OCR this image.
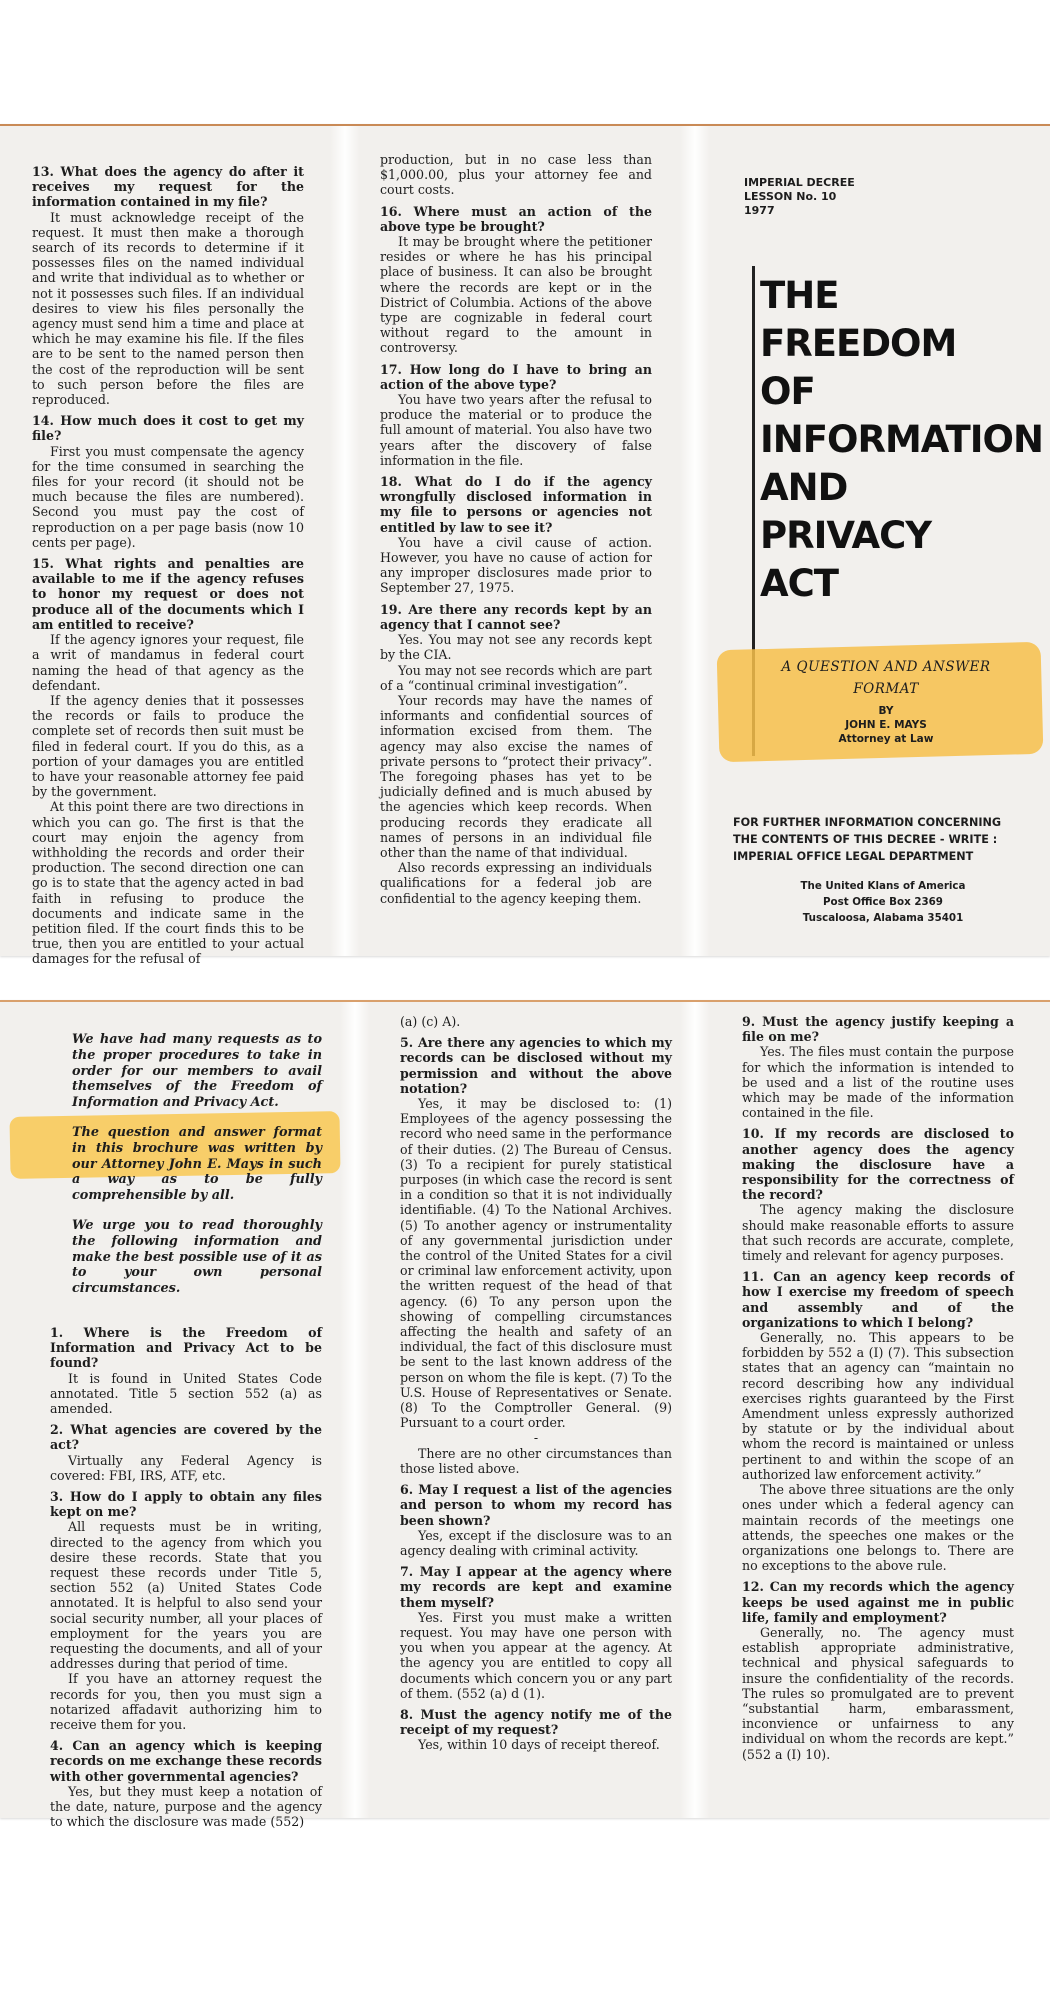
13. What does the agency do after it receives my request for the information contained in my file?

It must acknowledge receipt of the request. It must then make a thorough search of its records to determine if it possesses files on the named individual and write that individual as to whether or not it possesses such files. If an individual desires to view his files personally the agency must send him a time and place at which he may examine his file. If the files are to be sent to the named person then the cost of the reproduction will be sent to such person before the files are reproduced.

14. How much does it cost to get my file?

First you must compensate the agency for the time consumed in searching the files for your record (it should not be much because the files are numbered). Second you must pay the cost of reproduction on a per page basis (now 10 cents per page).

15. What rights and penalties are available to me if the agency refuses to honor my request or does not produce all of the documents which I am entitled to receive?

If the agency ignores your request, file a writ of mandamus in federal court naming the head of that agency as the defendant.

If the agency denies that it possesses the records or fails to produce the complete set of records then suit must be filed in federal court. If you do this, as a portion of your damages you are entitled to have your reasonable attorney fee paid by the government.

At this point there are two directions in which you can go. The first is that the court may enjoin the agency from withholding the records and order their production. The second direction one can go is to state that the agency acted in bad faith in refusing to produce the documents and indicate same in the petition filed. If the court finds this to be true, then you are entitled to your actual damages for the refusal of

production, but in no case less than $1,000.00, plus your attorney fee and court costs.

16. Where must an action of the above type be brought?

It may be brought where the petitioner resides or where he has his principal place of business. It can also be brought where the records are kept or in the District of Columbia. Actions of the above type are cognizable in federal court without regard to the amount in controversy.

17. How long do I have to bring an action of the above type?

You have two years after the refusal to produce the material or to produce the full amount of material. You also have two years after the discovery of false information in the file.

18. What do I do if the agency wrongfully disclosed information in my file to persons or agencies not entitled by law to see it?

You have a civil cause of action. However, you have no cause of action for any improper disclosures made prior to September 27, 1975.

19. Are there any records kept by an agency that I cannot see?

Yes. You may not see any records kept by the CIA.

You may not see records which are part of a “continual criminal investigation”.

Your records may have the names of informants and confidential sources of information excised from them. The agency may also excise the names of private persons to “protect their privacy”. The foregoing phases has yet to be judicially defined and is much abused by the agencies which keep records. When producing records they eradicate all names of persons in an individual file other than the name of that individual.

Also records expressing an individuals qualifications for a federal job are confidential to the agency keeping them.

IMPERIAL DECREE
LESSON No. 10
1977
THE
FREEDOM
OF
INFORMATION
AND
PRIVACY
ACT
A QUESTION AND ANSWER
FORMAT
BY
JOHN E. MAYS
Attorney at Law
FOR FURTHER INFORMATION CONCERNING
THE CONTENTS OF THIS DECREE - WRITE :
IMPERIAL OFFICE LEGAL DEPARTMENT
The United Klans of America
Post Office Box 2369
Tuscaloosa, Alabama 35401

We have had many requests as to the proper procedures to take in order for our members to avail themselves of the Freedom of Information and Privacy Act.

The question and answer format in this brochure was written by our Attorney John E. Mays in such a way as to be fully comprehensible by all.

We urge you to read thoroughly the following information and make the best possible use of it as to your own personal circumstances.

1. Where is the Freedom of Information and Privacy Act to be found?

It is found in United States Code annotated. Title 5 section 552 (a) as amended.

2. What agencies are covered by the act?

Virtually any Federal Agency is covered: FBI, IRS, ATF, etc.

3. How do I apply to obtain any files kept on me?

All requests must be in writing, directed to the agency from which you desire these records. State that you request these records under Title 5, section 552 (a) United States Code annotated. It is helpful to also send your social security number, all your places of employment for the years you are requesting the documents, and all of your addresses during that period of time.

If you have an attorney request the records for you, then you must sign a notarized affadavit authorizing him to receive them for you.

4. Can an agency which is keeping records on me exchange these records with other governmental agencies?

Yes, but they must keep a notation of the date, nature, purpose and the agency to which the disclosure was made (552)

(a) (c) A).

5. Are there any agencies to which my records can be disclosed without my permission and without the above notation?

Yes, it may be disclosed to: (1) Employees of the agency possessing the record who need same in the performance of their duties. (2) The Bureau of Census. (3) To a recipient for purely statistical purposes (in which case the record is sent in a condition so that it is not individually identifiable. (4) To the National Archives. (5) To another agency or instrumentality of any governmental jurisdiction under the control of the United States for a civil or criminal law enforcement activity, upon the written request of the head of that agency. (6) To any person upon the showing of compelling circumstances affecting the health and safety of an individual, the fact of this disclosure must be sent to the last known address of the person on whom the file is kept. (7) To the U.S. House of Representatives or Senate. (8) To the Comptroller General. (9) Pursuant to a court order.

-

There are no other circumstances than those listed above.

6. May I request a list of the agencies and person to whom my record has been shown?

Yes, except if the disclosure was to an agency dealing with criminal activity.

7. May I appear at the agency where my records are kept and examine them myself?

Yes. First you must make a written request. You may have one person with you when you appear at the agency. At the agency you are entitled to copy all documents which concern you or any part of them. (552 (a) d (1).

8. Must the agency notify me of the receipt of my request?

Yes, within 10 days of receipt thereof.

9. Must the agency justify keeping a file on me?

Yes. The files must contain the purpose for which the information is intended to be used and a list of the routine uses which may be made of the information contained in the file.

10. If my records are disclosed to another agency does the agency making the disclosure have a responsibility for the correctness of the record?

The agency making the disclosure should make reasonable efforts to assure that such records are accurate, complete, timely and relevant for agency purposes.

11. Can an agency keep records of how I exercise my freedom of speech and assembly and of the organizations to which I belong?

Generally, no. This appears to be forbidden by 552 a (I) (7). This subsection states that an agency can “maintain no record describing how any individual exercises rights guaranteed by the First Amendment unless expressly authorized by statute or by the individual about whom the record is maintained or unless pertinent to and within the scope of an authorized law enforcement activity.”

The above three situations are the only ones under which a federal agency can maintain records of the meetings one attends, the speeches one makes or the organizations one belongs to. There are no exceptions to the above rule.

12. Can my records which the agency keeps be used against me in public life, family and employment?

Generally, no. The agency must establish appropriate administrative, technical and physical safeguards to insure the confidentiality of the records. The rules so promulgated are to prevent “substantial harm, embarassment, inconvience or unfairness to any individual on whom the records are kept.” (552 a (I) 10).
